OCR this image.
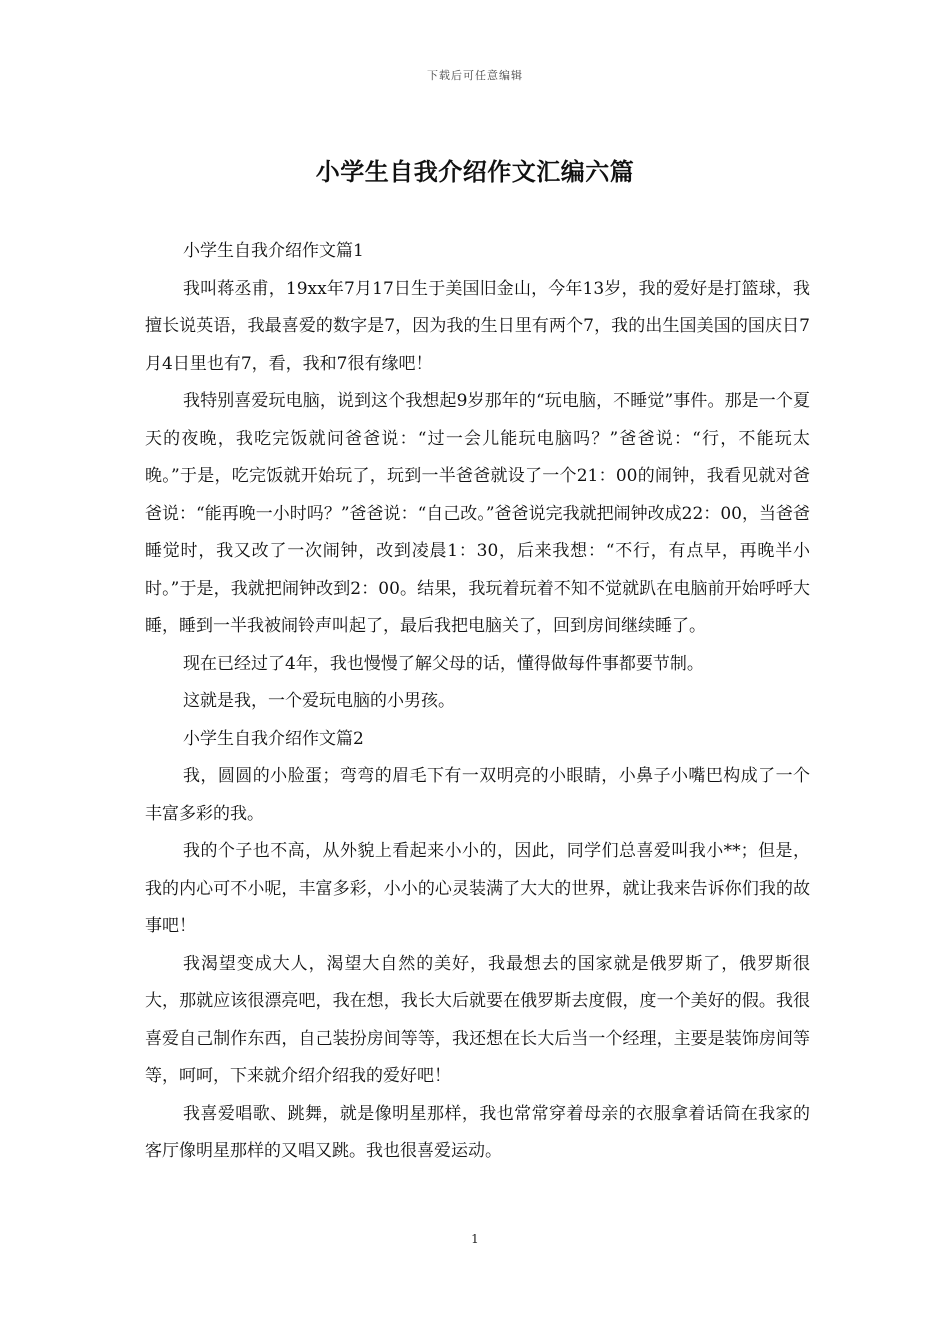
下载后可任意编辑
小学生自我介绍作文汇编六篇

小学生自我介绍作文篇1

我叫蒋丞甫，19xx年7月17日生于美国旧金山，今年13岁，我的爱好是打篮球，我擅长说英语，我最喜爱的数字是7，因为我的生日里有两个7，我的出生国美国的国庆日7月4日里也有7，看，我和7很有缘吧！

我特别喜爱玩电脑，说到这个我想起9岁那年的“玩电脑，不睡觉”事件。那是一个夏天的夜晚，我吃完饭就问爸爸说：“过一会儿能玩电脑吗？”爸爸说：“行，不能玩太晚。”于是，吃完饭就开始玩了，玩到一半爸爸就设了一个21：00的闹钟，我看见就对爸爸说：“能再晚一小时吗？”爸爸说：“自己改。”爸爸说完我就把闹钟改成22：00，当爸爸睡觉时，我又改了一次闹钟，改到凌晨1：30，后来我想：“不行，有点早，再晚半小时。”于是，我就把闹钟改到2：00。结果，我玩着玩着不知不觉就趴在电脑前开始呼呼大睡，睡到一半我被闹铃声叫起了，最后我把电脑关了，回到房间继续睡了。

现在已经过了4年，我也慢慢了解父母的话，懂得做每件事都要节制。

这就是我，一个爱玩电脑的小男孩。

小学生自我介绍作文篇2

我，圆圆的小脸蛋；弯弯的眉毛下有一双明亮的小眼睛，小鼻子小嘴巴构成了一个丰富多彩的我。

我的个子也不高，从外貌上看起来小小的，因此，同学们总喜爱叫我小**；但是，我的内心可不小呢，丰富多彩，小小的心灵装满了大大的世界，就让我来告诉你们我的故事吧！

我渴望变成大人，渴望大自然的美好，我最想去的国家就是俄罗斯了，俄罗斯很大，那就应该很漂亮吧，我在想，我长大后就要在俄罗斯去度假，度一个美好的假。我很喜爱自己制作东西，自己装扮房间等等，我还想在长大后当一个经理，主要是装饰房间等等，呵呵，下来就介绍介绍我的爱好吧！

我喜爱唱歌、跳舞，就是像明星那样，我也常常穿着母亲的衣服拿着话筒在我家的客厅像明星那样的又唱又跳。我也很喜爱运动。

1
